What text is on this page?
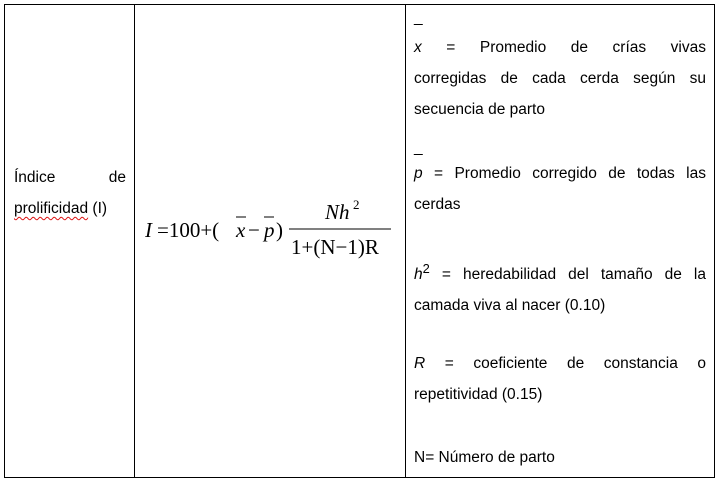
Índice de
prolificidad (I)
I =100+( x − p )
Nh 2
1+(N−1)R
_
x = Promedio de crías vivas
corregidas de cada cerda según su secuencia de parto
_
p = Promedio corregido de todas las cerdas
$h^2$ = heredabilidad del tamaño de la camada viva al nacer (0.10)
R = coeficiente de constancia o repetitividad (0.15)
N= Número de parto
